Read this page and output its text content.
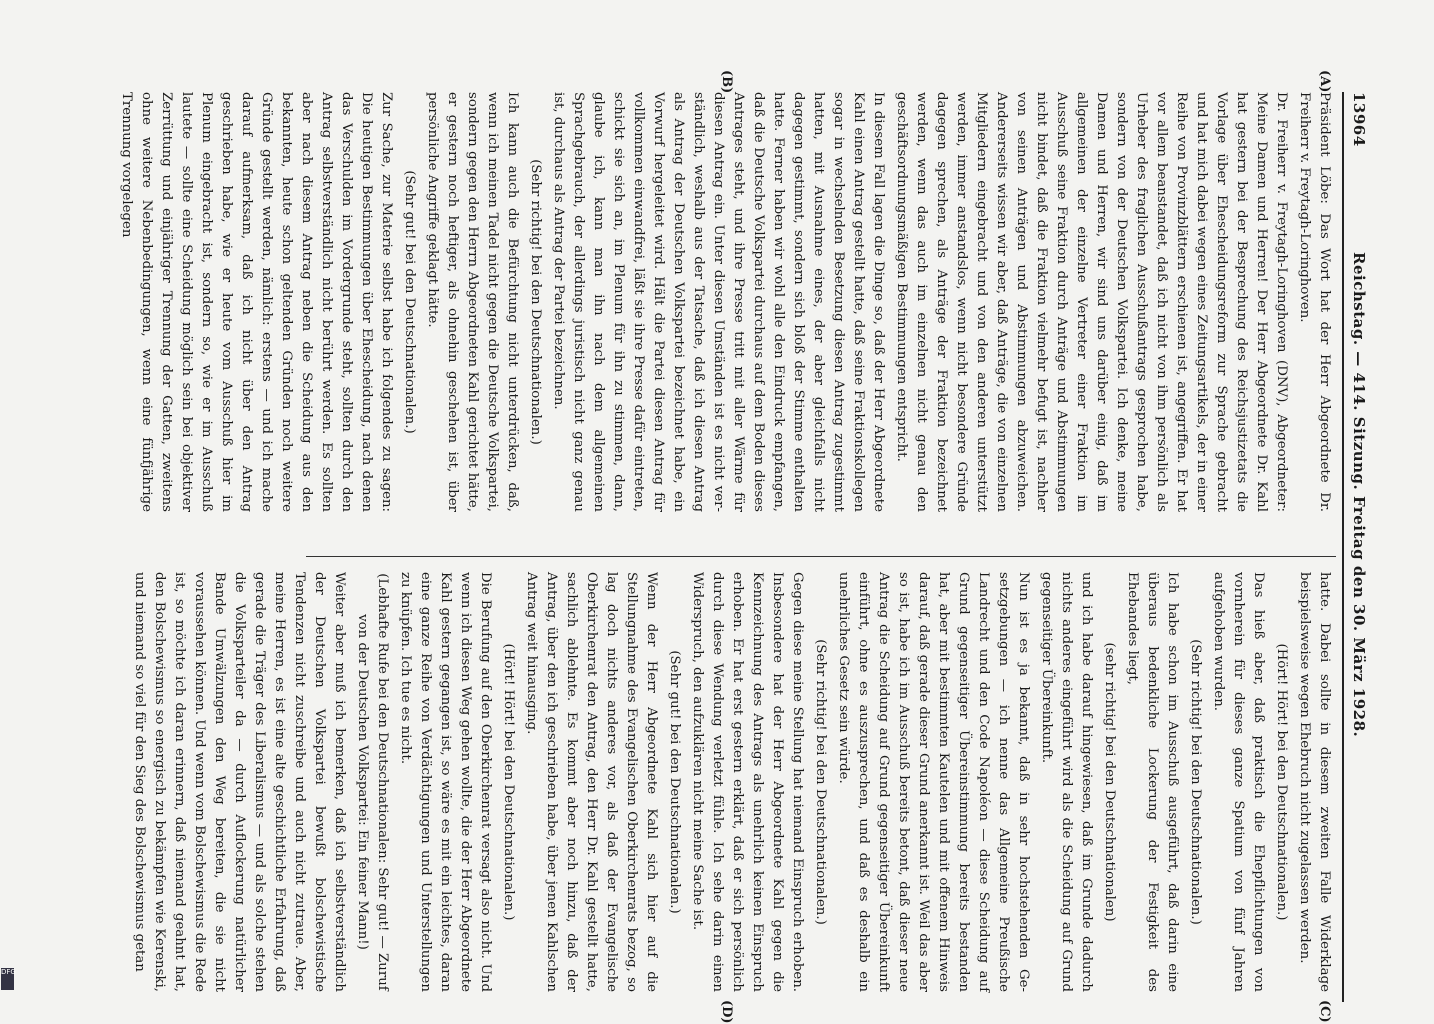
13964
Reichstag. — 414. Sitzung. Freitag den 30. März 1928.
(A)
(B)
(C)
(D)

Präsident Löbe: Das Wort hat der Herr Abgeordnete Dr. Freiherr v. Freytagh-Loringhoven.

Dr. Freiherr v. Freytagh-Loringhoven (DNV), Abgeordneter: Meine Damen und Herren! Der Herr Abgeordnete Dr. Kahl hat gestern bei der Besprechung des Reichsjustizetats die Vorlage über Ehescheidungsreform zur Sprache gebracht und hat mich dabei wegen eines Zeitungsartikels, der in einer Reihe von Provinzblättern erschienen ist, angegriffen. Er hat vor allem beanstandet, daß ich nicht von ihm persönlich als Urheber des fraglichen Ausschußantrags gesprochen habe, sondern von der Deutschen Volkspartei. Ich denke, meine Damen und Herren, wir sind uns darüber einig, daß im allgemeinen der einzelne Vertreter einer Fraktion im Ausschuß seine Fraktion durch Anträge und Abstimmungen nicht bindet, daß die Fraktion vielmehr befugt ist, nachher von seinen Anträgen und Abstimmungen abzuweichen. Andererseits wissen wir aber, daß Anträge, die von einzelnen Mitgliedern eingebracht und von den anderen unterstützt werden, immer anstandslos, wenn nicht besondere Gründe dagegen sprechen, als Anträge der Fraktion bezeichnet werden, wenn das auch im einzelnen nicht genau den geschäftsordnungsmäßigen Bestimmungen entspricht.

In diesem Fall lagen die Dinge so, daß der Herr Abgeordnete Kahl einen Antrag gestellt hatte, daß seine Fraktionskollegen sogar in wechselnden Besetzung diesen Antrag zugestimmt hatten, mit Ausnahme eines, der aber gleichfalls nicht dagegen gestimmt, sondern sich bloß der Stimme enthalten hatte. Ferner haben wir wohl alle den Eindruck empfangen, daß die Deutsche Volkspartei durchaus auf dem Boden dieses Antrages steht, und ihre Presse tritt mit aller Wärme für diesen Antrag ein. Unter diesen Umständen ist es nicht verständlich, weshalb aus der Tatsache, daß ich diesen Antrag als Antrag der Deutschen Volkspartei bezeichnet habe, ein Vorwurf hergeleitet wird. Hält die Partei diesen Antrag für vollkommen einwandfrei, läßt sie ihre Presse dafür eintreten, schickt sie sich an, im Plenum für ihn zu stimmen, dann, glaube ich, kann man ihn nach dem allgemeinen Sprachgebrauch, der allerdings juristisch nicht ganz genau ist, durchaus als Antrag der Partei bezeichnen.

(Sehr richtig! bei den Deutschnationalen.)

Ich kann auch die Befürchtung nicht unterdrücken, daß, wenn ich meinen Tadel nicht gegen die Deutsche Volkspartei, sondern gegen den Herrn Abgeordneten Kahl gerichtet hätte, er gestern noch heftiger, als ohnehin geschehen ist, über persönliche Angriffe geklagt hätte.

(Sehr gut! bei den Deutschnationalen.)

Zur Sache, zur Materie selbst habe ich folgendes zu sagen: Die heutigen Bestimmungen über Ehescheidung, nach denen das Verschulden im Vordergrunde steht, sollten durch den Antrag selbstverständlich nicht berührt werden. Es sollten aber nach diesem Antrag neben die Scheidung aus den bekannten, heute schon geltenden Gründen noch weitere Gründe gestellt werden, nämlich: erstens — und ich mache darauf aufmerksam, daß ich nicht über den Antrag geschrieben habe, wie er heute vom Ausschuß hier im Plenum eingebracht ist, sondern so, wie er im Ausschuß lautete — sollte eine Scheidung möglich sein bei objektiver Zerrüttung und einjähriger Trennung der Gatten, zweitens ohne weitere Nebenbedingungen, wenn eine fünfjährige Trennung vorgelegen

hatte. Dabei sollte in diesem zweiten Falle Widerklage beispielsweise wegen Ehebruch nicht zugelassen werden.

(Hört! Hört! bei den Deutschnationalen.)

Das hieß aber, daß praktisch die Ehepflichtungen von vornherein für dieses ganze Spatium von fünf Jahren aufgehoben wurden.

(Sehr richtig! bei den Deutschnationalen.)

Ich habe schon im Ausschuß ausgeführt, daß darin eine überaus bedenkliche Lockerung der Festigkeit des Ehebandes liegt,

(sehr richtig! bei den Deutschnationalen)

und ich habe darauf hingewiesen, daß im Grunde dadurch nichts anderes eingeführt wird als die Scheidung auf Grund gegenseitiger Übereinkunft.

Nun ist es ja bekannt, daß in sehr hochstehenden Gesetzgebungen — ich nenne das Allgemeine Preußische Landrecht und den Code Napoléon — diese Scheidung auf Grund gegenseitiger Übereinstimmung bereits bestanden hat, aber mit bestimmten Kautelen und mit offenem Hinweis darauf, daß gerade dieser Grund anerkannt ist. Weil das aber so ist, habe ich im Ausschuß bereits betont, daß dieser neue Antrag die Scheidung auf Grund gegenseitiger Übereinkunft einführt, ohne es auszusprechen, und daß es deshalb ein unehrliches Gesetz sein würde.

(Sehr richtig! bei den Deutschnationalen.)

Gegen diese meine Stellung hat niemand Einspruch erhoben. Insbesondere hat der Herr Abgeordnete Kahl gegen die Kennzeichnung des Antrags als unehrlich keinen Einspruch erhoben. Er hat erst gestern erklärt, daß er sich persönlich durch diese Wendung verletzt fühle. Ich sehe darin einen Widerspruch, den aufzuklären nicht meine Sache ist.

(Sehr gut! bei den Deutschnationalen.)

Wenn der Herr Abgeordnete Kahl sich hier auf die Stellungnahme des Evangelischen Oberkirchenrats bezog, so lag doch nichts anderes vor, als daß der Evangelische Oberkirchenrat den Antrag, den Herr Dr. Kahl gestellt hatte, sachlich ablehnte. Es kommt aber noch hinzu, daß der Antrag, über den ich geschrieben habe, über jenen Kahlschen Antrag weit hinausging.

(Hört! Hört! bei den Deutschnationalen.)

Die Berufung auf den Oberkirchenrat versagt also nicht. Und wenn ich diesen Weg gehen wollte, die der Herr Abgeordnete Kahl gestern gegangen ist, so wäre es mit ein leichtes, daran eine ganze Reihe von Verdächtigungen und Unterstellungen zu knüpfen. Ich tue es nicht.

(Lebhafte Rufe bei den Deutschnationalen: Sehr gut! — Zuruf von der Deutschen Volkspartei: Ein feiner Mann!)

Weiter aber muß ich bemerken, daß ich selbstverständlich der Deutschen Volkspartei bewußt bolschewistische Tendenzen nicht zuschreibe und auch nicht zutraue. Aber, meine Herren, es ist eine alte geschichtliche Erfahrung, daß gerade die Träger des Liberalismus — und als solche stehen die Volksparteiler da — durch Auflockerung natürlicher Bande Umwälzungen den Weg bereiten, die sie nicht voraussehen können. Und wenn vom Bolschewismus die Rede ist, so möchte ich daran erinnern, daß niemand geahnt hat, den Bolschewismus so energisch zu bekämpfen wie Kerenski, und niemand so viel für den Sieg des Bolschewismus getan

DFG
